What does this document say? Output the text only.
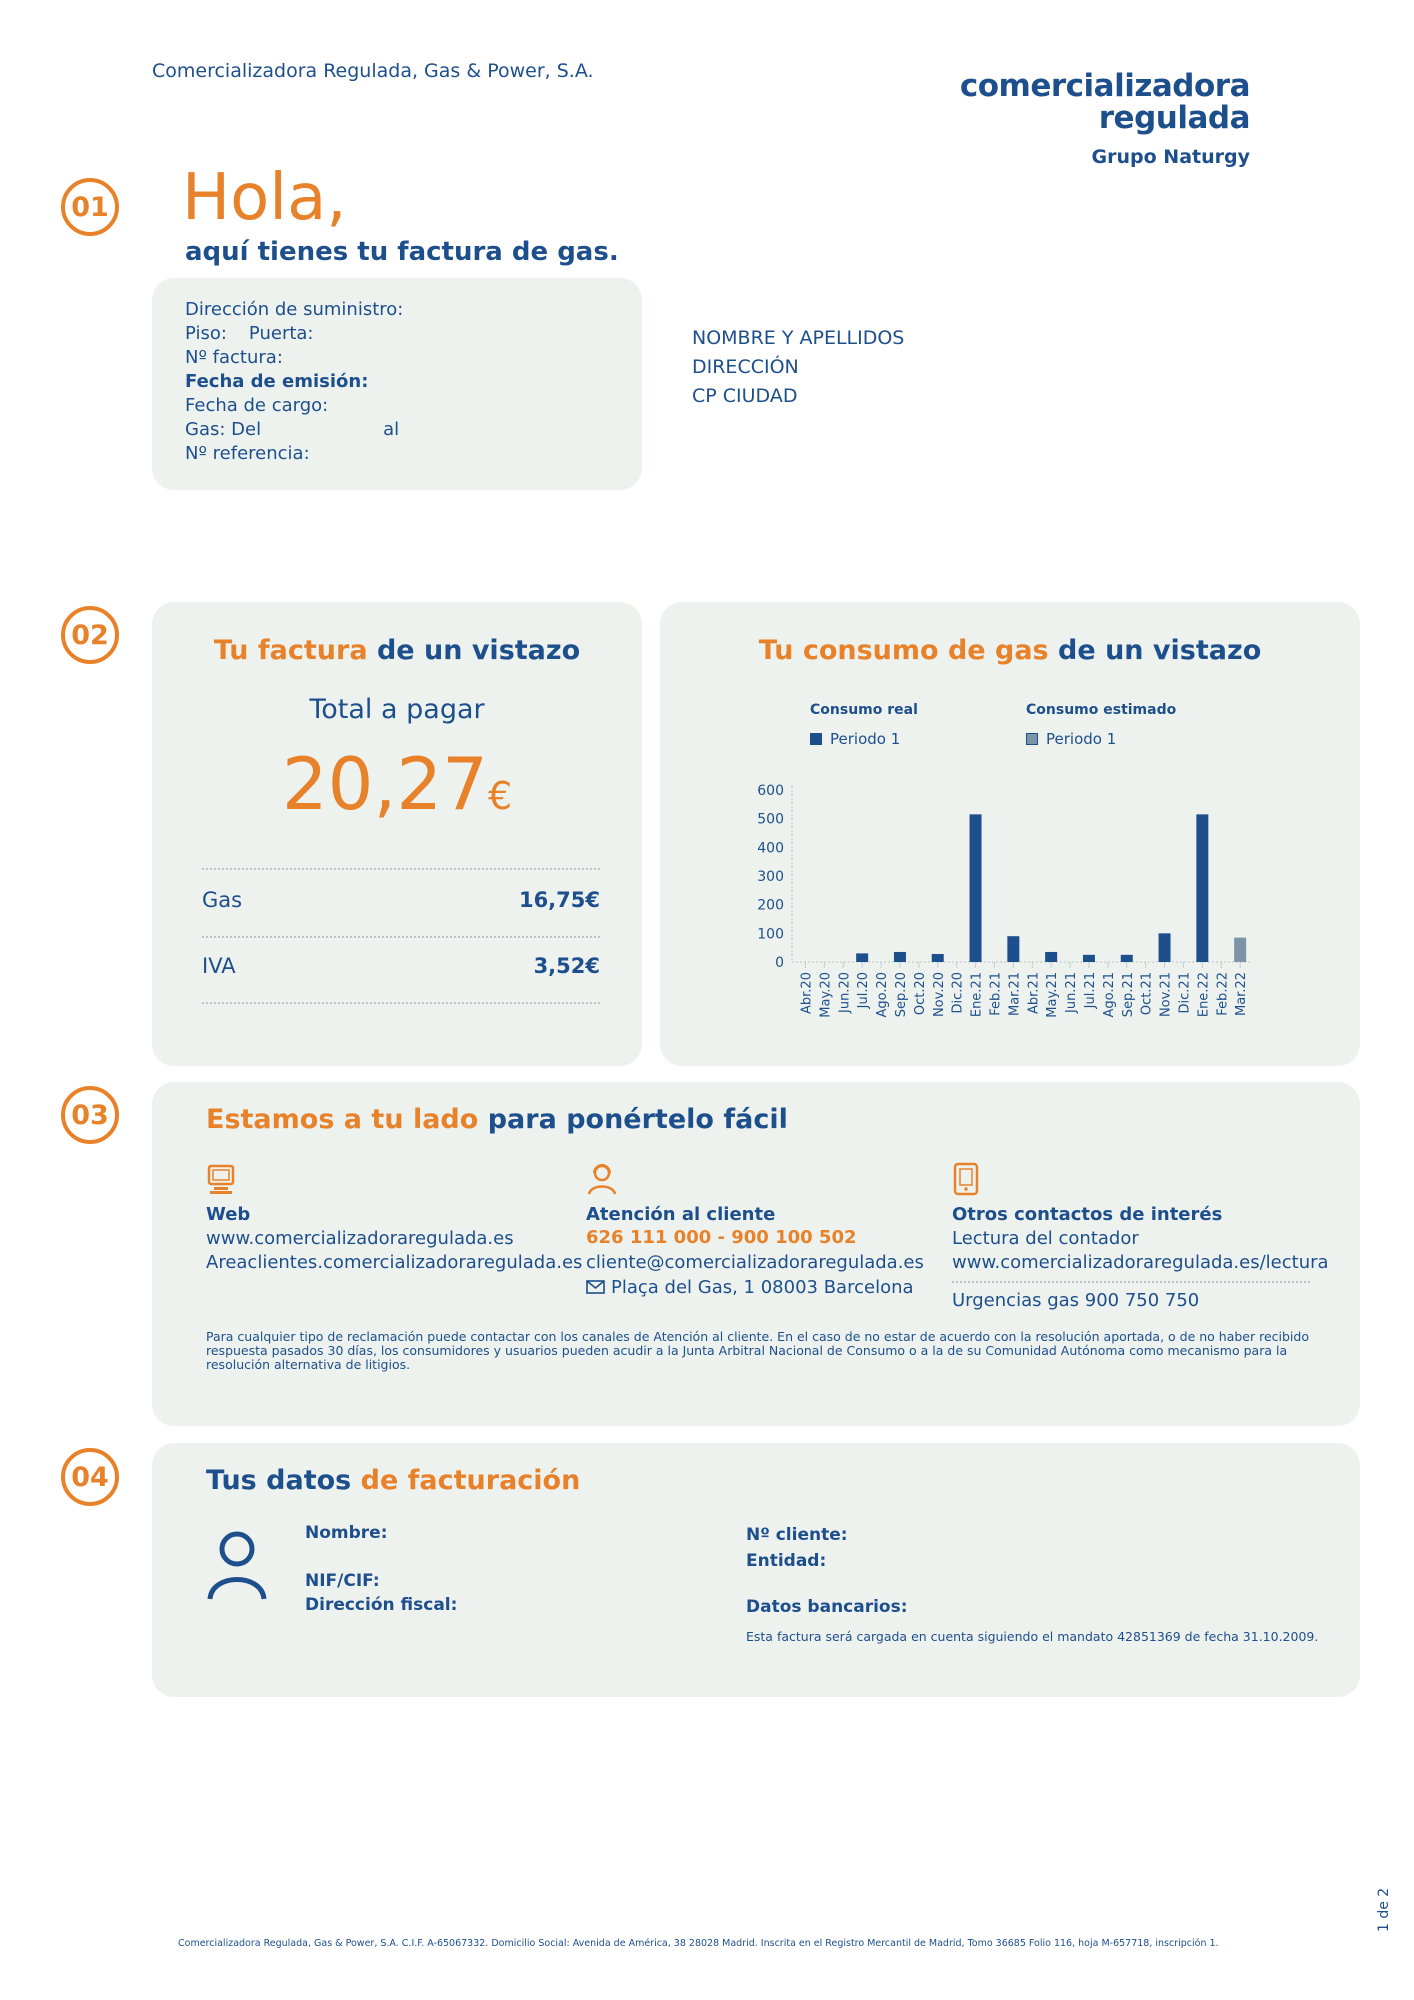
Comercializadora Regulada, Gas & Power, S.A.	comercializadora
regulada
Grupo Naturgy
01 Hola,
aquí tienes tu factura de gas.
Dirección de suministro:
Piso: Puerta:
Nº factura:
Fecha de emisión:
Fecha de cargo:
Gas: Del	al
Nº referencia:
NOMBRE Y APELLIDOS
DIRECCIÓN
CP CIUDAD
02	Tu factura de un vistazo
Total a pagar
20,27€
Gas	16,75€
IVA	3,52€
Tu consumo de gas de un vistazo
Consumo real
Periodo 1
Consumo estimado
Periodo 1
600
500
400
300
200
100
0
Abr.20 May.20 Jun.20 Jul.20 Ago.20 Sep.20 Oct.20 Nov.20 Dic.20 Ene.21 Feb.21 Mar.21 Abr.21 May.21 Jun.21 Jul.21 Ago.21 Sep.21 Oct.21 Nov.21 Dic.21 Ene.22 Feb.22 Mar.22
03	Estamos a tu lado para ponértelo fácil
Web
www.comercializadoraregulada.es
Areaclientes.comercializadoraregulada.es
Atención al cliente
626 111 000 - 900 100 502
cliente@comercializadoraregulada.es
Plaça del Gas, 1 08003 Barcelona
Otros contactos de interés
Lectura del contador
www.comercializadoraregulada.es/lectura
Urgencias gas 900 750 750
Para cualquier tipo de reclamación puede contactar con los canales de Atención al cliente. En el caso de no estar de acuerdo con la resolución aportada, o de no haber recibido respuesta pasados 30 días, los consumidores y usuarios pueden acudir a la Junta Arbitral Nacional de Consumo o a la de su Comunidad Autónoma como mecanismo para la resolución alternativa de litigios.
04	Tus datos de facturación
Nombre:
NIF/CIF:
Dirección fiscal:
Nº cliente:
Entidad:
Datos bancarios:
Esta factura será cargada en cuenta siguiendo el mandato 42851369 de fecha 31.10.2009.
Comercializadora Regulada, Gas & Power, S.A. C.I.F. A-65067332. Domicilio Social: Avenida de América, 38 28028 Madrid. Inscrita en el Registro Mercantil de Madrid, Tomo 36685 Folio 116, hoja M-657718, inscripción 1.
1 de 2
